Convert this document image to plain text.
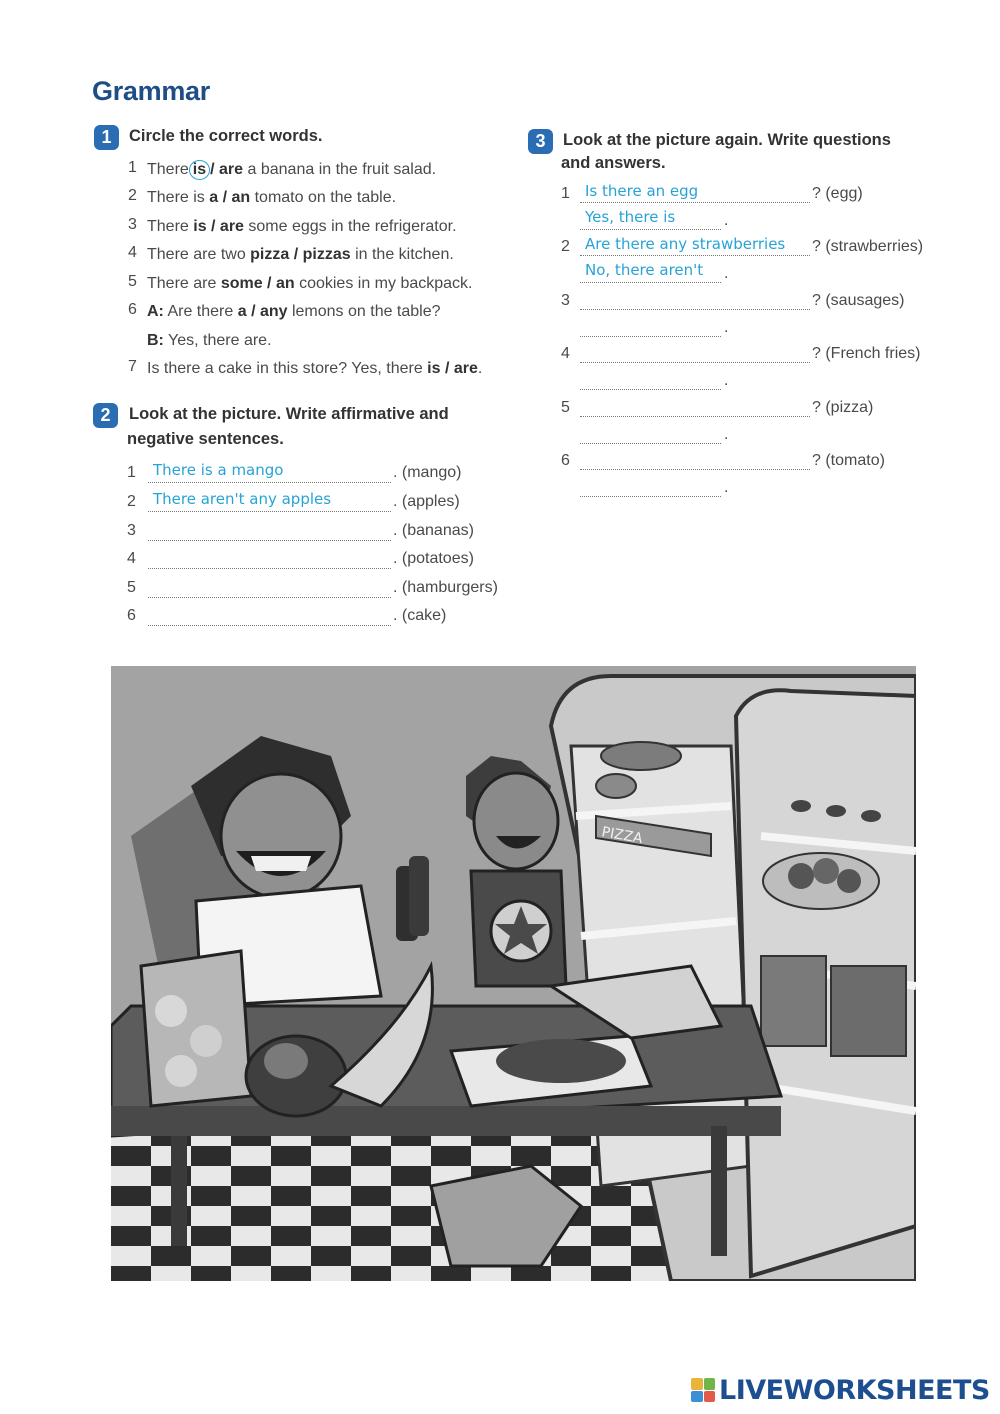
Grammar
1	Circle the correct words.
1 There is / are a banana in the fruit salad.
2 There is a / an tomato on the table.
3 There is / are some eggs in the refrigerator.
4 There are two pizza / pizzas in the kitchen.
5 There are some / an cookies in my backpack.
6 A: Are there a / any lemons on the table?
B: Yes, there are.
7 Is there a cake in this store? Yes, there is / are.
2	Look at the picture. Write affirmative and
negative sentences.
1 There is a mango	. (mango)
2 There aren't any apples	. (apples)
3	. (bananas)
4	. (potatoes)
5	. (hamburgers)
6	. (cake)
3	Look at the picture again. Write questions
and answers.
1 Is there an egg	? (egg)
Yes, there is	.
2 Are there any strawberries	? (strawberries)
No, there aren't	.
3	? (sausages)
.
4	? (French fries)
.
5	? (pizza)
.
6	? (tomato)
.
PIZZA
LIVEWORKSHEETS
